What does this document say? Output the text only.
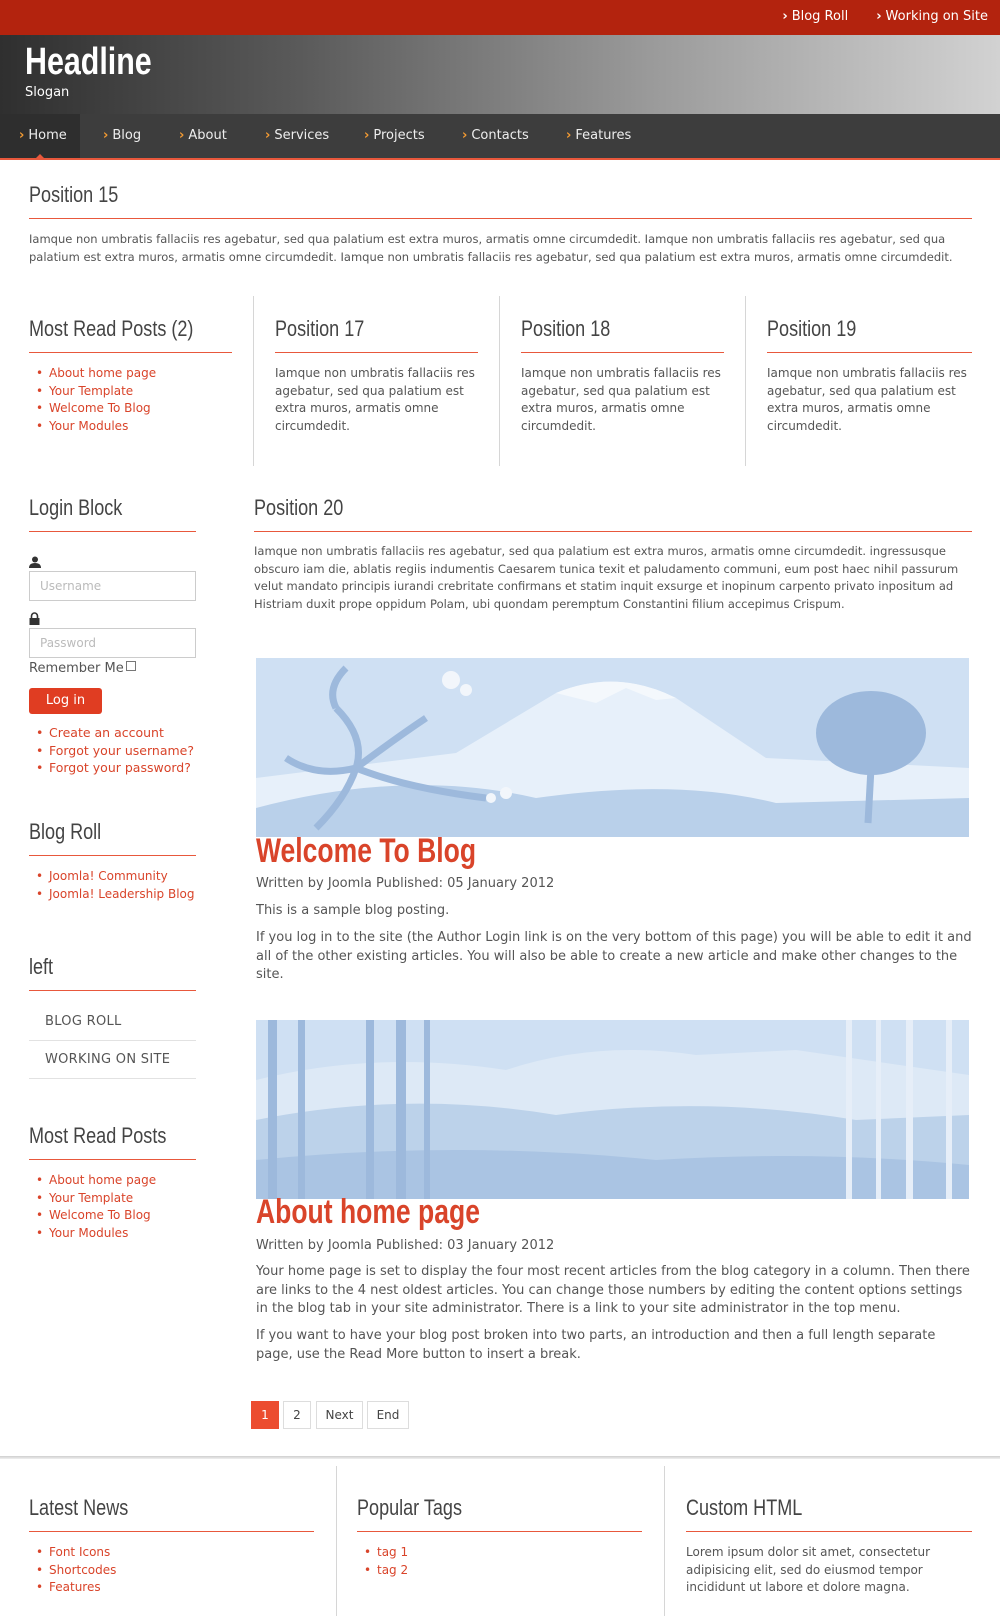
› Blog Roll › Working on Site
Headline
Slogan
› Home	› Blog	› About	› Services	› Projects	› Contacts	› Features
Position 15
Iamque non umbratis fallaciis res agebatur, sed qua palatium est extra muros, armatis omne circumdedit. Iamque non umbratis fallaciis res agebatur, sed qua palatium est extra muros, armatis omne circumdedit. Iamque non umbratis fallaciis res agebatur, sed qua palatium est extra muros, armatis omne circumdedit.
Most Read Posts (2)
• About home page
• Your Template
• Welcome To Blog
• Your Modules
Position 17
Iamque non umbratis fallaciis res agebatur, sed qua palatium est extra muros, armatis omne circumdedit.
Position 18
Iamque non umbratis fallaciis res agebatur, sed qua palatium est extra muros, armatis omne circumdedit.
Position 19
Iamque non umbratis fallaciis res agebatur, sed qua palatium est extra muros, armatis omne circumdedit.
Login Block
Username
Password
Remember Me
Log in
• Create an account
• Forgot your username?
• Forgot your password?
Blog Roll
• Joomla! Community
• Joomla! Leadership Blog
left
BLOG ROLL
WORKING ON SITE
Most Read Posts
• About home page
• Your Template
• Welcome To Blog
• Your Modules
Position 20
Iamque non umbratis fallaciis res agebatur, sed qua palatium est extra muros, armatis omne circumdedit. ingressusque obscuro iam die, ablatis regiis indumentis Caesarem tunica texit et paludamento communi, eum post haec nihil passurum velut mandato principis iurandi crebritate confirmans et statim inquit exsurge et inopinum carpento privato inpositum ad Histriam duxit prope oppidum Polam, ubi quondam peremptum Constantini filium accepimus Crispum.
Welcome To Blog
Written by Joomla Published: 05 January 2012
This is a sample blog posting.
If you log in to the site (the Author Login link is on the very bottom of this page) you will be able to edit it and all of the other existing articles. You will also be able to create a new article and make other changes to the site.
About home page
Written by Joomla Published: 03 January 2012
Your home page is set to display the four most recent articles from the blog category in a column. Then there are links to the 4 nest oldest articles. You can change those numbers by editing the content options settings in the blog tab in your site administrator. There is a link to your site administrator in the top menu.
If you want to have your blog post broken into two parts, an introduction and then a full length separate page, use the Read More button to insert a break.
1	2	Next	End
Latest News
• Font Icons
• Shortcodes
• Features
Popular Tags
• tag 1
• tag 2
Custom HTML
Lorem ipsum dolor sit amet, consectetur adipisicing elit, sed do eiusmod tempor incididunt ut labore et dolore magna.
